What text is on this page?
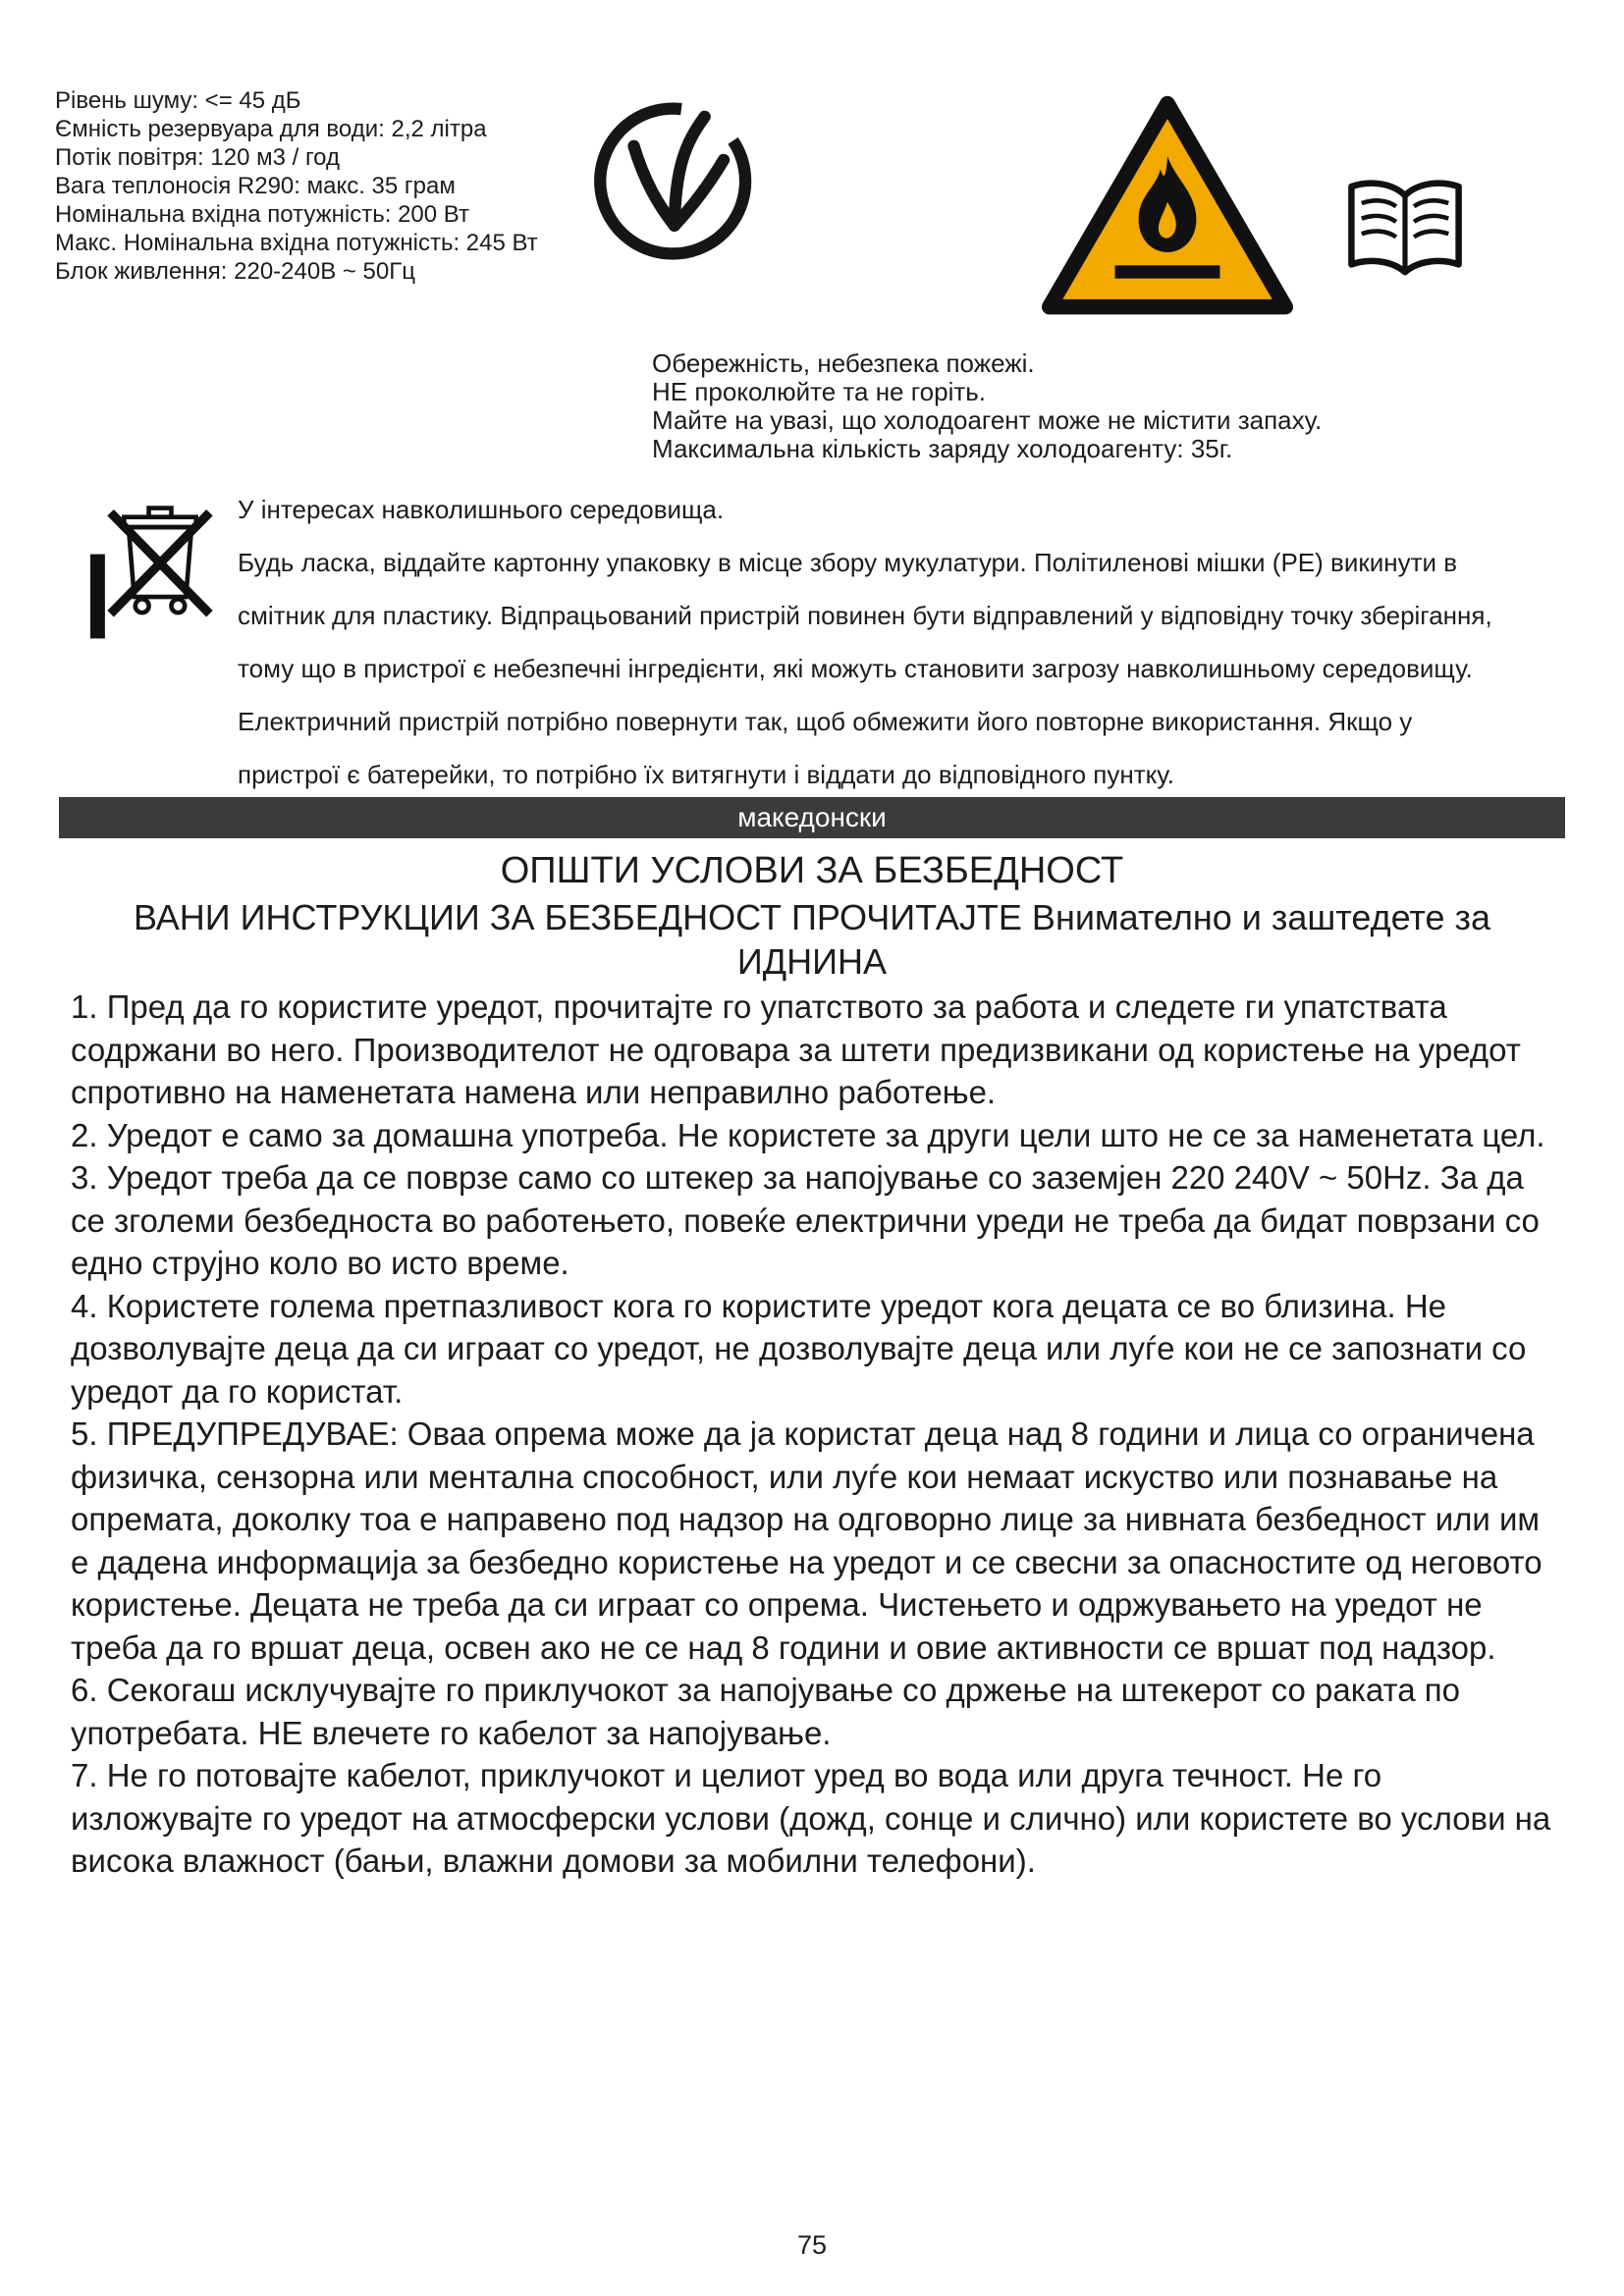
Рівень шуму: <= 45 дБ
Ємність резервуара для води: 2,2 літра
Потік повітря: 120 м3 / год
Вага теплоносія R290: макс. 35 грам
Номінальна вхідна потужність: 200 Вт
Макс. Номінальна вхідна потужність: 245 Вт
Блок живлення: 220-240В ~ 50Гц
Обережність, небезпека пожежі.
НЕ проколюйте та не горіть.
Майте на увазі, що холодоагент може не містити запаху.
Максимальна кількість заряду холодоагенту: 35г.
У інтересах навколишнього середовища.
Будь ласка, віддайте картонну упаковку в місце збору мукулатури. Політиленові мішки (PE) викинути в смітник для пластику. Відпрацьований пристрій повинен бути відправлений у відповідну точку зберігання, тому що в пристрої є небезпечні інгредієнти, які можуть становити загрозу навколишньому середовищу. Електричний пристрій потрібно повернути так, щоб обмежити його повторне використання. Якщо у пристрої є батерейки, то потрібно їх витягнути і віддати до відповідного пунтку.
македонски
ОПШТИ УСЛОВИ ЗА БЕЗБЕДНОСТ
ВАНИ ИНСТРУКЦИИ ЗА БЕЗБЕДНОСТ ПРОЧИТАЈТЕ Внимателно и заштедете за ИДНИНА
1. Пред да го користите уредот, прочитајте го упатството за работа и следете ги упатствата содржани во него. Производителот не одговара за штети предизвикани од користење на уредот спротивно на наменетата намена или неправилно работење.
2. Уредот е само за домашна употреба. Не користете за други цели што не се за наменетата цел.
3. Уредот треба да се поврзе само со штекер за напојување со заземјен 220 240V ~ 50Hz. За да се зголеми безбедноста во работењето, повеќе електрични уреди не треба да бидат поврзани со едно струјно коло во исто време.
4. Користете голема претпазливост кога го користите уредот кога децата се во близина. Не дозволувајте деца да си играат со уредот, не дозволувајте деца или луѓе кои не се запознати со уредот да го користат.
5. ПРЕДУПРЕДУВАЕ: Оваа опрема може да ја користат деца над 8 години и лица со ограничена физичка, сензорна или ментална способност, или луѓе кои немаат искуство или познавање на опремата, доколку тоа е направено под надзор на одговорно лице за нивната безбедност или им е дадена информација за безбедно користење на уредот и се свесни за опасностите од неговото користење. Децата не треба да си играат со опрема. Чистењето и одржувањето на уредот не треба да го вршат деца, освен ако не се над 8 години и овие активности се вршат под надзор.
6. Секогаш исклучувајте го приклучокот за напојување со држење на штекерот со раката по употребата. НЕ влечете го кабелот за напојување.
7. Не го потовајте кабелот, приклучокот и целиот уред во вода или друга течност. Не го изложувајте го уредот на атмосферски услови (дожд, сонце и слично) или користете во услови на висока влажност (бањи, влажни домови за мобилни телефони).
75
